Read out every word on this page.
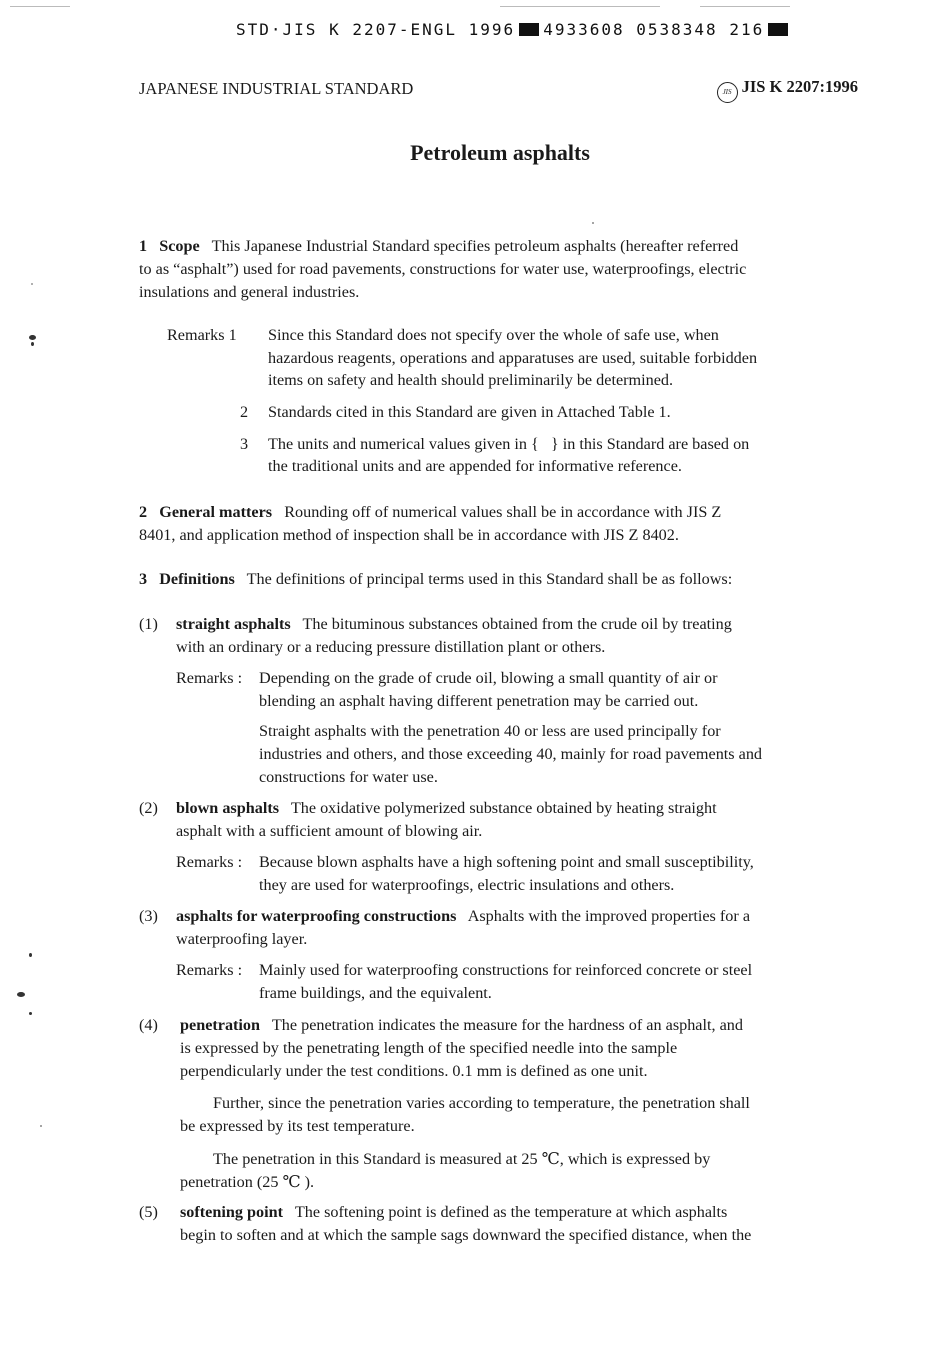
STD·JIS K 2207-ENGL 1996 4933608 0538348 216
JAPANESE INDUSTRIAL STANDARD	JIS JIS K 2207:1996
Petroleum asphalts
1 Scope This Japanese Industrial Standard specifies petroleum asphalts (hereafter referred
to as “asphalt”) used for road pavements, constructions for water use, waterproofings, electric
insulations and general industries.
Remarks 1 Since this Standard does not specify over the whole of safe use, when
hazardous reagents, operations and apparatuses are used, suitable forbidden
items on safety and health should preliminarily be determined.
2 Standards cited in this Standard are given in Attached Table 1.
3 The units and numerical values given in {   } in this Standard are based on
the traditional units and are appended for informative reference.
2 General matters Rounding off of numerical values shall be in accordance with JIS Z
8401, and application method of inspection shall be in accordance with JIS Z 8402.
3 Definitions The definitions of principal terms used in this Standard shall be as follows:
(1) straight asphalts The bituminous substances obtained from the crude oil by treating
with an ordinary or a reducing pressure distillation plant or others.
Remarks : Depending on the grade of crude oil, blowing a small quantity of air or
blending an asphalt having different penetration may be carried out.
Straight asphalts with the penetration 40 or less are used principally for
industries and others, and those exceeding 40, mainly for road pavements and
constructions for water use.
(2) blown asphalts The oxidative polymerized substance obtained by heating straight
asphalt with a sufficient amount of blowing air.
Remarks : Because blown asphalts have a high softening point and small susceptibility,
they are used for waterproofings, electric insulations and others.
(3) asphalts for waterproofing constructions Asphalts with the improved properties for a
waterproofing layer.
Remarks : Mainly used for waterproofing constructions for reinforced concrete or steel
frame buildings, and the equivalent.
(4) penetration The penetration indicates the measure for the hardness of an asphalt, and
is expressed by the penetrating length of the specified needle into the sample
perpendicularly under the test conditions. 0.1 mm is defined as one unit.
Further, since the penetration varies according to temperature, the penetration shall
be expressed by its test temperature.
The penetration in this Standard is measured at 25 ℃, which is expressed by
penetration (25 ℃ ).
(5) softening point The softening point is defined as the temperature at which asphalts
begin to soften and at which the sample sags downward the specified distance, when the
